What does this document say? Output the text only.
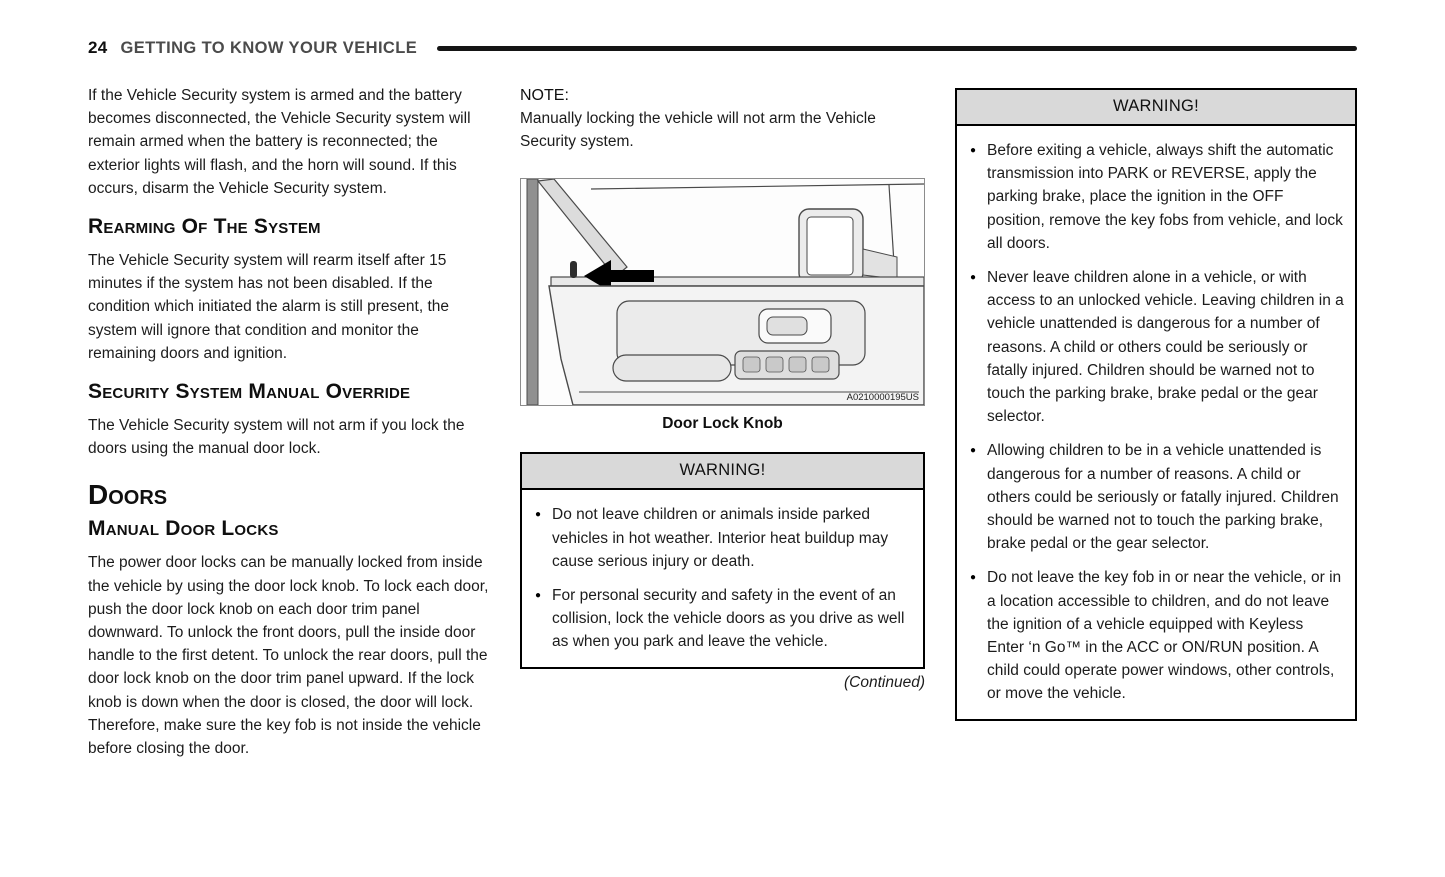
24 GETTING TO KNOW YOUR VEHICLE

If the Vehicle Security system is armed and the battery becomes disconnected, the Vehicle Security system will remain armed when the battery is reconnected; the exterior lights will flash, and the horn will sound. If this occurs, disarm the Vehicle Security system.

Rearming Of The System

The Vehicle Security system will rearm itself after 15 minutes if the system has not been disabled. If the condition which initiated the alarm is still present, the system will ignore that condition and monitor the remaining doors and ignition.

Security System Manual Override

The Vehicle Security system will not arm if you lock the doors using the manual door lock.

Doors
Manual Door Locks

The power door locks can be manually locked from inside the vehicle by using the door lock knob. To lock each door, push the door lock knob on each door trim panel downward. To unlock the front doors, pull the inside door handle to the first detent. To unlock the rear doors, pull the door lock knob on the door trim panel upward. If the lock knob is down when the door is closed, the door will lock. Therefore, make sure the key fob is not inside the vehicle before closing the door.

NOTE:

Manually locking the vehicle will not arm the Vehicle Security system.

A0210000195US
Door Lock Knob
WARNING!
● Do not leave children or animals inside parked vehicles in hot weather. Interior heat buildup may cause serious injury or death.
● For personal security and safety in the event of an collision, lock the vehicle doors as you drive as well as when you park and leave the vehicle.
(Continued)
WARNING!
● Before exiting a vehicle, always shift the automatic transmission into PARK or REVERSE, apply the parking brake, place the ignition in the OFF position, remove the key fobs from vehicle, and lock all doors.
● Never leave children alone in a vehicle, or with access to an unlocked vehicle. Leaving children in a vehicle unattended is dangerous for a number of reasons. A child or others could be seriously or fatally injured. Children should be warned not to touch the parking brake, brake pedal or the gear selector.
● Allowing children to be in a vehicle unattended is dangerous for a number of reasons. A child or others could be seriously or fatally injured. Children should be warned not to touch the parking brake, brake pedal or the gear selector.
● Do not leave the key fob in or near the vehicle, or in a location accessible to children, and do not leave the ignition of a vehicle equipped with Keyless Enter ‘n Go™ in the ACC or ON/RUN position. A child could operate power windows, other controls, or move the vehicle.
